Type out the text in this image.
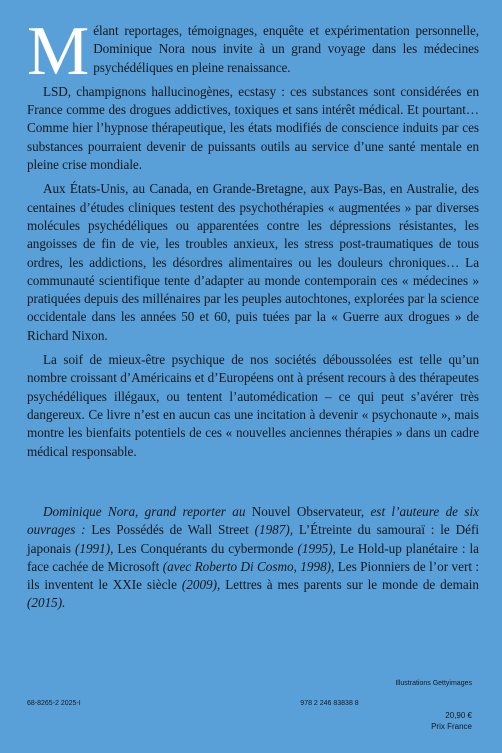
Mélant reportages, témoignages, enquête et expérimentation personnelle, Dominique Nora nous invite à un grand voyage dans les médecines psychédéliques en pleine renaissance.

LSD, champignons hallucinogènes, ecstasy : ces substances sont considérées en France comme des drogues addictives, toxiques et sans intérêt médical. Et pourtant… Comme hier l’hypnose thérapeutique, les états modifiés de conscience induits par ces substances pourraient devenir de puissants outils au service d’une santé mentale en pleine crise mondiale.

Aux États-Unis, au Canada, en Grande-Bretagne, aux Pays-Bas, en Australie, des centaines d’études cliniques testent des psychothérapies « augmentées » par diverses molécules psychédéliques ou apparentées contre les dépressions résistantes, les angoisses de fin de vie, les troubles anxieux, les stress post-traumatiques de tous ordres, les addictions, les désordres alimentaires ou les douleurs chroniques… La communauté scientifique tente d’adapter au monde contemporain ces « médecines » pratiquées depuis des millénaires par les peuples autochtones, explorées par la science occidentale dans les années 50 et 60, puis tuées par la « Guerre aux drogues » de Richard Nixon.

La soif de mieux-être psychique de nos sociétés déboussolées est telle qu’un nombre croissant d’Américains et d’Européens ont à présent recours à des thérapeutes psychédéliques illégaux, ou tentent l’automédication – ce qui peut s’avérer très dangereux. Ce livre n’est en aucun cas une incitation à devenir « psychonaute », mais montre les bienfaits potentiels de ces « nouvelles anciennes thérapies » dans un cadre médical responsable.

Dominique Nora, grand reporter au Nouvel Observateur, est l’auteure de six ouvrages : Les Possédés de Wall Street (1987), L’Étreinte du samouraï : le Défi japonais (1991), Les Conquérants du cybermonde (1995), Le Hold-up planétaire : la face cachée de Microsoft (avec Roberto Di Cosmo, 1998), Les Pionniers de l’or vert : ils inventent le XXIe siècle (2009), Lettres à mes parents sur le monde de demain (2015).
Illustrations Gettyimages
68-8265-2 2025-I	978 2 246 83838 8
20,90 €
Prix France
